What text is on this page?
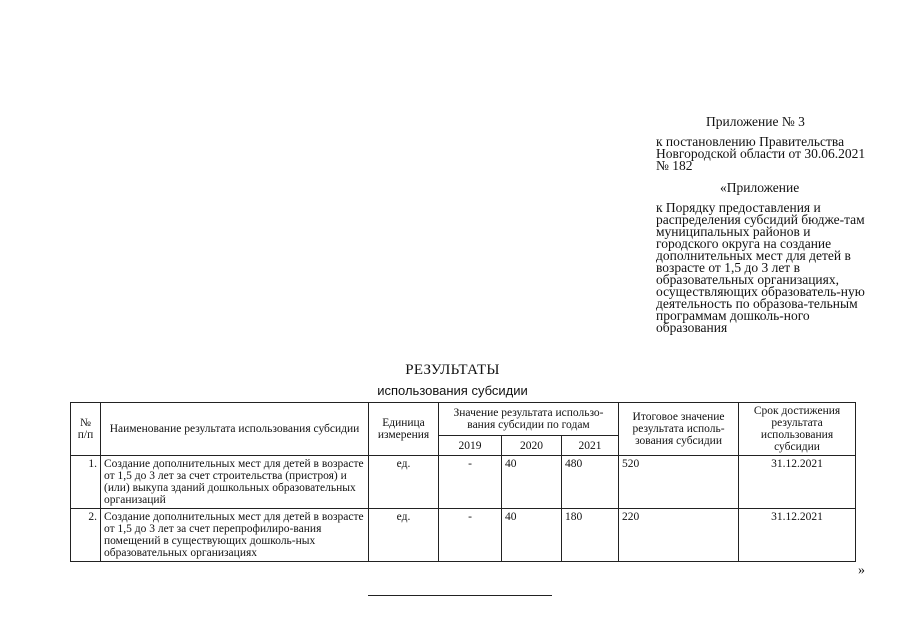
Приложение № 3
к постановлению Правительства Новгородской области от 30.06.2021 № 182
«Приложение
к Порядку предоставления и распределения субсидий бюдже-там муниципальных районов и городского округа на создание дополнительных мест для детей в возрасте от 1,5 до 3 лет в образовательных организациях, осуществляющих образователь-ную деятельность по образова-тельным программам дошколь-ного образования
РЕЗУЛЬТАТЫ
использования субсидии
№ п/п	Наименование результата использования субсидии	Единица измерения	Значение результата использо-вания субсидии по годам			Итоговое значение результата исполь-зования субсидии	Срок достижения результата использования субсидии
			2019	2020	2021		
1.	Создание дополнительных мест для детей в возрасте от 1,5 до 3 лет за счет строительства (пристроя) и (или) выкупа зданий дошкольных образовательных организаций	ед.	-	40	480	520	31.12.2021
2.	Создание дополнительных мест для детей в возрасте от 1,5 до 3 лет за счет перепрофилиро-вания помещений в существующих дошколь-ных образовательных организациях	ед.	-	40	180	220	31.12.2021
»
